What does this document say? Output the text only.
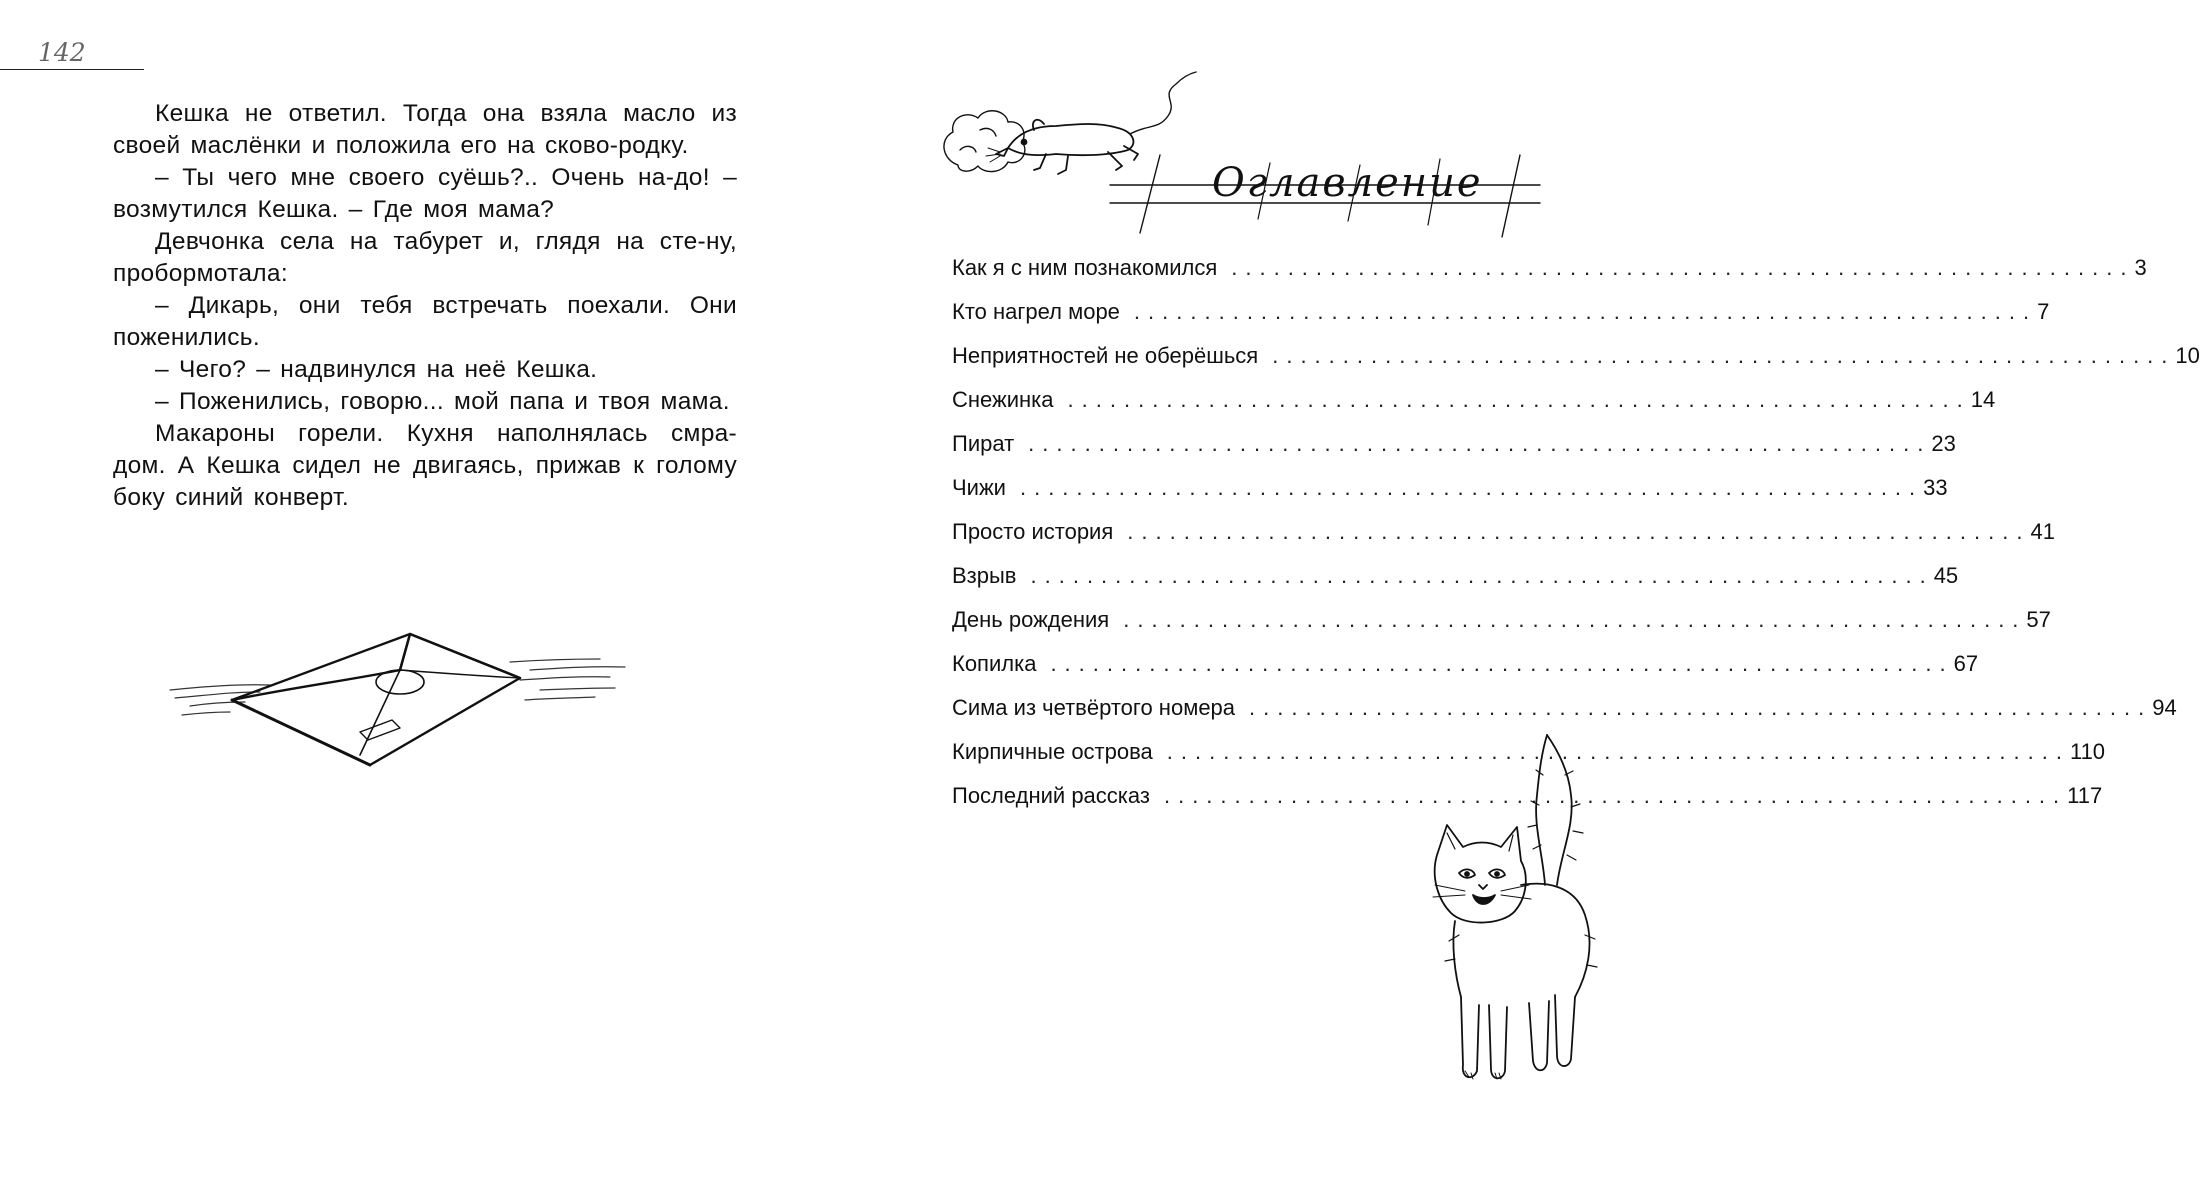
142

Кешка не ответил. Тогда она взяла масло из своей маслёнки и положила его на сково-родку.

– Ты чего мне своего суёшь?.. Очень на-до! – возмутился Кешка. – Где моя мама?

Девчонка села на табурет и, глядя на сте-ну, пробормотала:

– Дикарь, они тебя встречать поехали. Они поженились.

– Чего? – надвинулся на неё Кешка.

– Поженились, говорю... мой папа и твоя мама.

Макароны горели. Кухня наполнялась смра-дом. А Кешка сидел не двигаясь, прижав к голому боку синий конверт.

Оглавление
Как я с ним познакомился ................................................................ 3
Кто нагрел море ................................................................ 7
Неприятностей не оберёшься ................................................................ 10
Снежинка ................................................................ 14
Пират ................................................................ 23
Чижи ................................................................ 33
Просто история ................................................................ 41
Взрыв ................................................................ 45
День рождения ................................................................ 57
Копилка ................................................................ 67
Сима из четвёртого номера ................................................................ 94
Кирпичные острова ................................................................ 110
Последний рассказ ................................................................ 117
